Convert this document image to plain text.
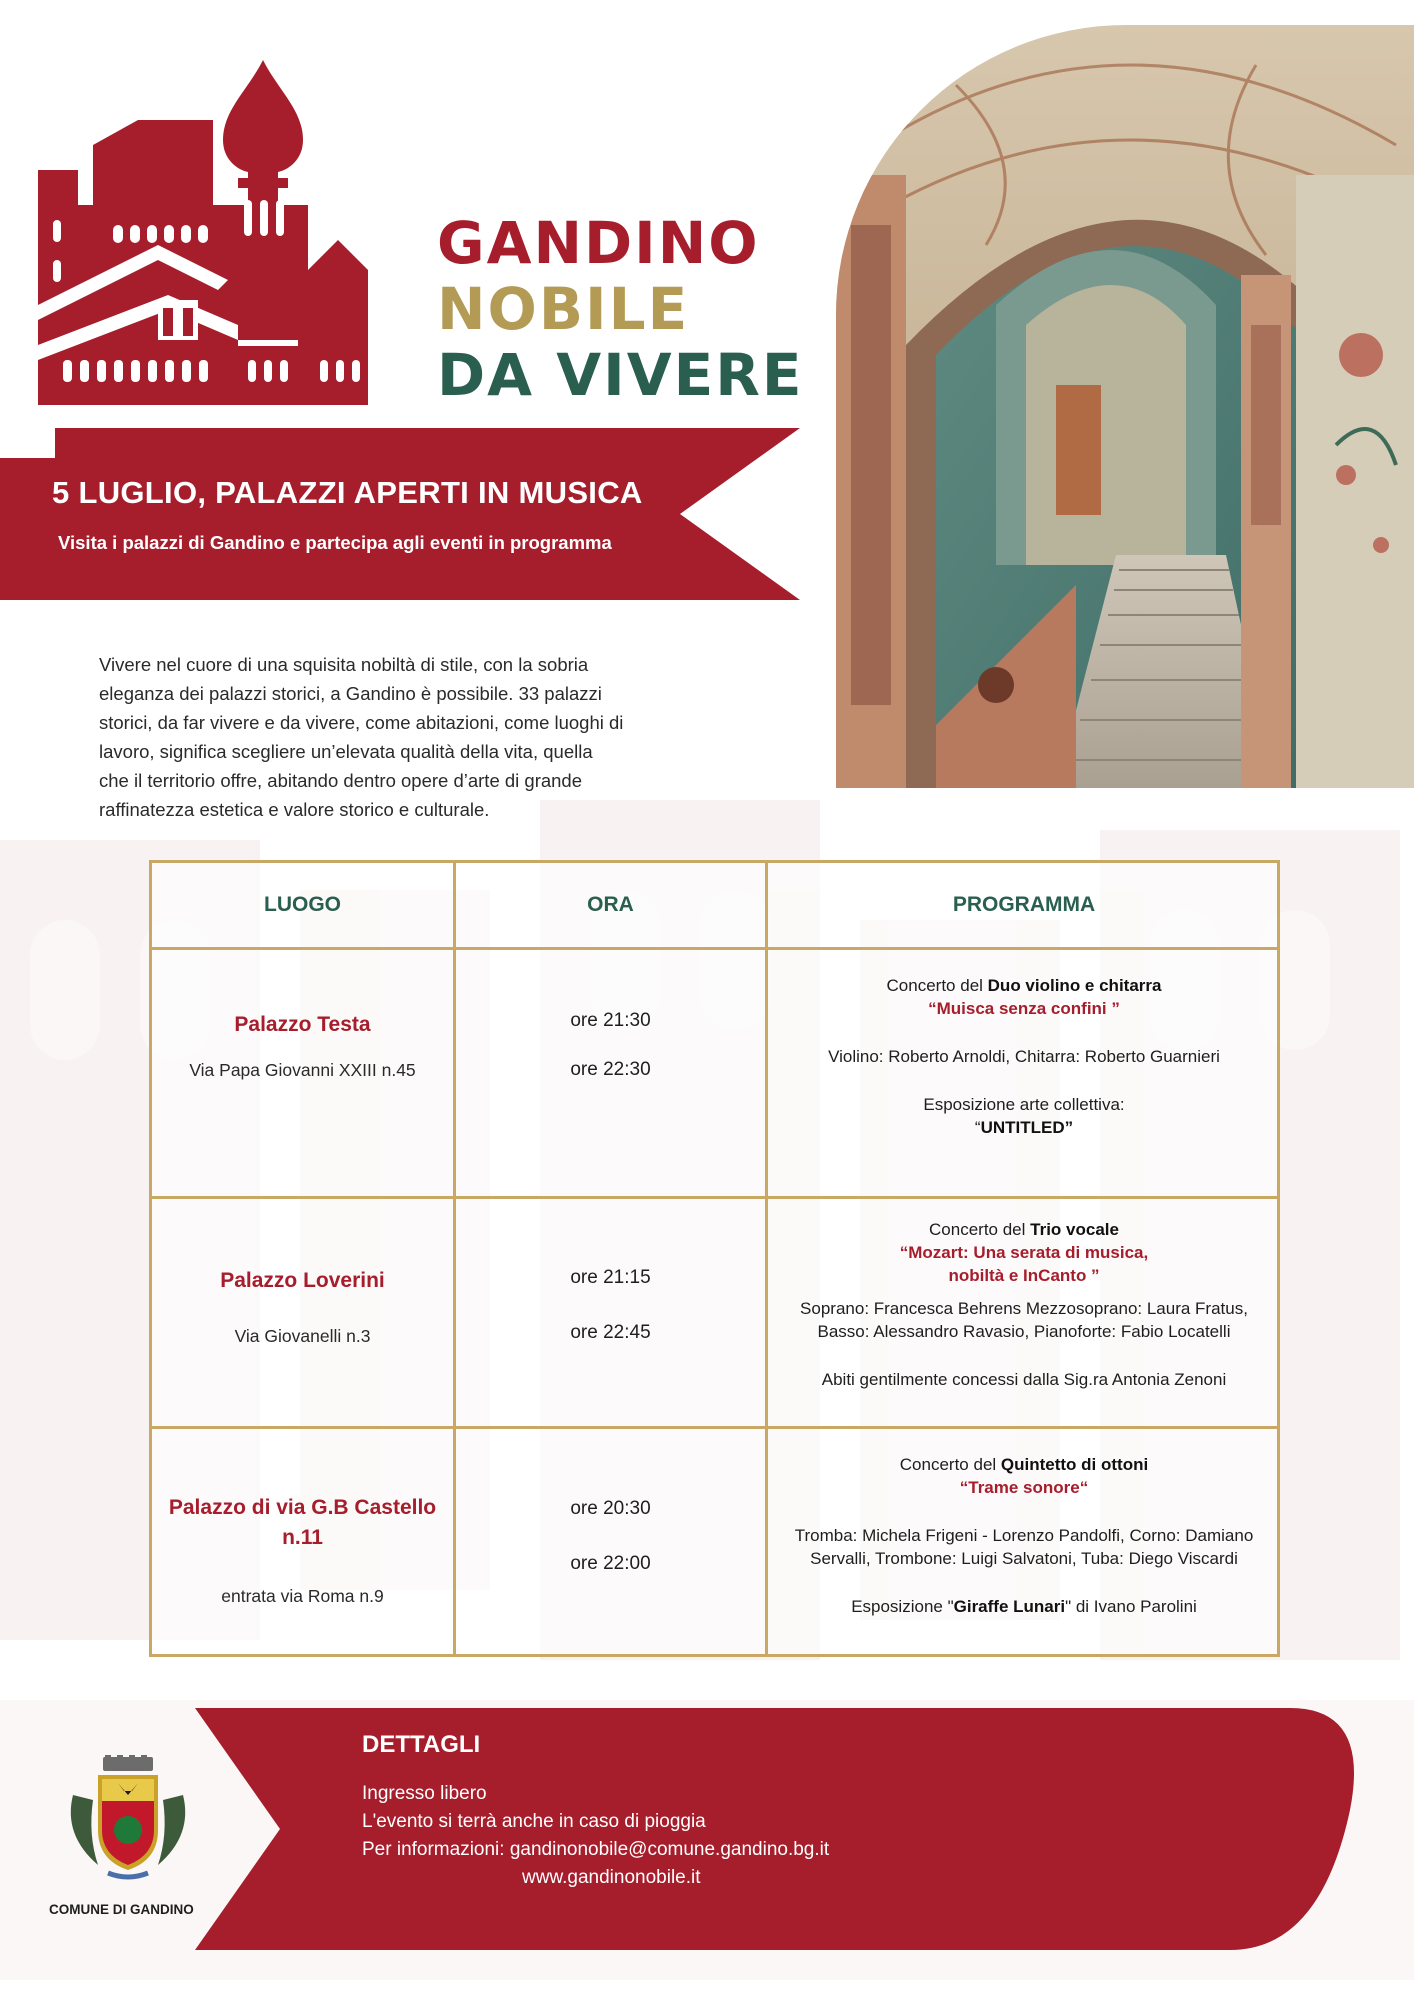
GANDINO
NOBILE
DA VIVERE
5 LUGLIO, PALAZZI APERTI IN MUSICA
Visita i palazzi di Gandino e partecipa agli eventi in programma
Vivere nel cuore di una squisita nobiltà di stile, con la sobria
eleganza dei palazzi storici, a Gandino è possibile. 33 palazzi
storici, da far vivere e da vivere, come abitazioni, come luoghi di
lavoro, significa scegliere un’elevata qualità della vita, quella
che il territorio offre, abitando dentro opere d’arte di grande
raffinatezza estetica e valore storico e culturale.
LUOGO	ORA	PROGRAMMA
Palazzo Testa
Via Papa Giovanni XXIII n.45
ore 21:30
ore 22:30
Concerto del Duo violino e chitarra
“Muisca senza confini ”
Violino: Roberto Arnoldi, Chitarra: Roberto Guarnieri
Esposizione arte collettiva:
“UNTITLED”
Palazzo Loverini
Via Giovanelli n.3
ore 21:15
ore 22:45
Concerto del Trio vocale
“Mozart: Una serata di musica,
nobiltà e InCanto ”
Soprano: Francesca Behrens Mezzosoprano: Laura Fratus,
Basso: Alessandro Ravasio, Pianoforte: Fabio Locatelli
Abiti gentilmente concessi dalla Sig.ra Antonia Zenoni
Palazzo di via G.B Castello
n.11
entrata via Roma n.9
ore 20:30
ore 22:00
Concerto del Quintetto di ottoni
“Trame sonore“
Tromba: Michela Frigeni - Lorenzo Pandolfi, Corno: Damiano
Servalli, Trombone: Luigi Salvatoni, Tuba: Diego Viscardi
Esposizione "Giraffe Lunari" di Ivano Parolini
DETTAGLI
Ingresso libero
L'evento si terrà anche in caso di pioggia
Per informazioni: gandinonobile@comune.gandino.bg.it
www.gandinonobile.it
COMUNE DI GANDINO
